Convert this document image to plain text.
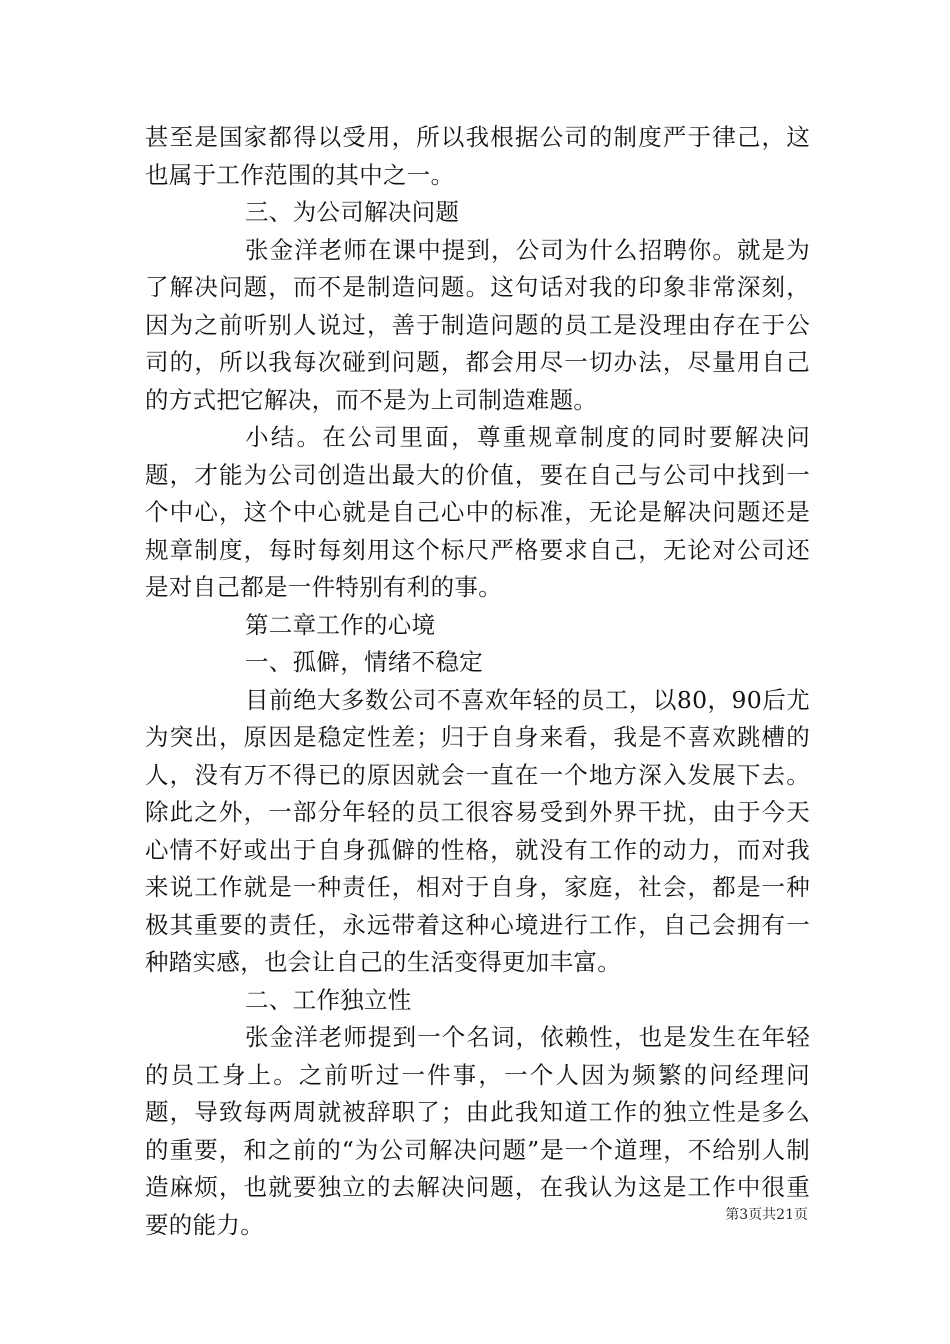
甚至是国家都得以受用，所以我根据公司的制度严于律己，这也属于工作范围的其中之一。

三、为公司解决问题

张金洋老师在课中提到，公司为什么招聘你。就是为了解决问题，而不是制造问题。这句话对我的印象非常深刻，因为之前听别人说过，善于制造问题的员工是没理由存在于公司的，所以我每次碰到问题，都会用尽一切办法，尽量用自己的方式把它解决，而不是为上司制造难题。

小结。在公司里面，尊重规章制度的同时要解决问题，才能为公司创造出最大的价值，要在自己与公司中找到一个中心，这个中心就是自己心中的标准，无论是解决问题还是规章制度，每时每刻用这个标尺严格要求自己，无论对公司还是对自己都是一件特别有利的事。

第二章工作的心境

一、孤僻，情绪不稳定

目前绝大多数公司不喜欢年轻的员工，以80，90后尤为突出，原因是稳定性差；归于自身来看，我是不喜欢跳槽的人，没有万不得已的原因就会一直在一个地方深入发展下去。除此之外，一部分年轻的员工很容易受到外界干扰，由于今天心情不好或出于自身孤僻的性格，就没有工作的动力，而对我来说工作就是一种责任，相对于自身，家庭，社会，都是一种极其重要的责任，永远带着这种心境进行工作，自己会拥有一种踏实感，也会让自己的生活变得更加丰富。

二、工作独立性

张金洋老师提到一个名词，依赖性，也是发生在年轻的员工身上。之前听过一件事，一个人因为频繁的问经理问题，导致每两周就被辞职了；由此我知道工作的独立性是多么的重要，和之前的“为公司解决问题”是一个道理，不给别人制造麻烦，也就要独立的去解决问题，在我认为这是工作中很重要的能力。	第3页共21页
